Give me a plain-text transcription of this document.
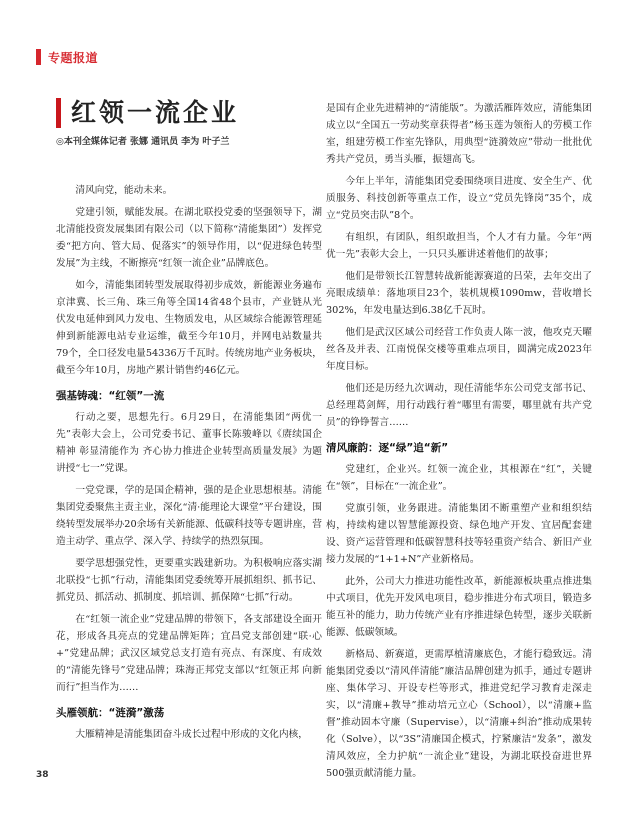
专题报道
红领一流企业
◎本刊全媒体记者 张娜 通讯员 李为 叶子兰

清风向党，能动未来。

党建引领，赋能发展。在湖北联投党委的坚强领导下，湖北清能投资发展集团有限公司（以下简称“清能集团”）发挥党委“把方向、管大局、促落实”的领导作用，以“促进绿色转型发展”为主线，不断擦亮“红领一流企业”品牌底色。

如今，清能集团转型发展取得初步成效，新能源业务遍布京津冀、长三角、珠三角等全国14省48个县市，产业链从光伏发电延伸到风力发电、生物质发电，从区域综合能源管理延伸到新能源电站专业运维，截至今年10月，并网电站数量共79个，全口径发电量54336万千瓦时。传统房地产业务板块，截至今年10月，房地产累计销售约46亿元。

强基铸魂：“红领”一流

行动之要，思想先行。6月29日，在清能集团“两优一先”表彰大会上，公司党委书记、董事长陈骏峰以《赓续国企精神 彰显清能作为 齐心协力推进企业转型高质量发展》为题讲授“七一”党课。

一党党课，学的是国企精神，强的是企业思想根基。清能集团党委聚焦主责主业，深化“清·能理论大课堂”平台建设，围绕转型发展举办20余场有关新能源、低碳科技等专题讲座，营造主动学、重点学、深入学、持续学的热烈氛围。

要学思想强党性，更要重实践建新功。为积极响应落实湖北联投“七抓”行动，清能集团党委统筹开展抓组织、抓书记、抓党员、抓活动、抓制度、抓培训、抓保障“七抓”行动。

在“红领一流企业”党建品牌的带领下，各支部建设全面开花，形成各具亮点的党建品牌矩阵；宜昌党支部创建“联·心+”党建品牌；武汉区域党总支打造有亮点、有深度、有成效的“清能先锋号”党建品牌；珠海正邦党支部以“红领正邦 向新而行”担当作为……

头雁领航：“涟漪”激荡

大雁精神是清能集团奋斗成长过程中形成的文化内核，

是国有企业先进精神的“清能版”。为激活雁阵效应，清能集团成立以“全国五一劳动奖章获得者”杨玉莲为领衔人的劳模工作室，组建劳模工作室先锋队，用典型“涟漪效应”带动一批批优秀共产党员，勇当头雁，振翅高飞。

今年上半年，清能集团党委围绕项目进度、安全生产、优质服务、科技创新等重点工作，设立“党员先锋岗”35个，成立“党员突击队”8个。

有组织，有团队，组织敢担当，个人才有力量。今年“两优一先”表彰大会上，一只只头雁讲述着他们的故事；

他们是带领长江智慧转战新能源赛道的吕荣，去年交出了亮眼成绩单：落地项目23个，装机规模1090mw，营收增长302%，年发电量达到6.38亿千瓦时。

他们是武汉区域公司经营工作负责人陈一波，他攻克天曜丝各及并表、江南悦保交楼等重难点项目，圆满完成2023年年度目标。

他们还是历经九次调动，现任清能华东公司党支部书记、总经理葛剑辉，用行动践行着“哪里有需要，哪里就有共产党员”的铮铮誓言……

清风廉韵：逐“绿”追“新”

党建红，企业兴。红领一流企业，其根源在“红”，关键在“领”，目标在“一流企业”。

党旗引领，业务跟进。清能集团不断重塑产业和组织结构，持续构建以智慧能源投资、绿色地产开发、宜居配套建设、资产运营管理和低碳智慧科技等轻重资产结合、新旧产业接力发展的“1+1+N”产业新格局。

此外，公司大力推进功能性改革，新能源板块重点推进集中式项目，优先开发风电项目，稳步推进分布式项目，锻造多能互补的能力，助力传统产业有序推进绿色转型，逐步关联新能源、低碳领域。

新格局、新赛道，更需厚植清廉底色，才能行稳致远。清能集团党委以“清风伴清能”廉洁品牌创建为抓手，通过专题讲座、集体学习、开设专栏等形式，推进党纪学习教育走深走实，以“清廉+教导”推动培元立心（School），以“清廉+监督”推动固本守廉（Supervise），以“清廉+纠治”推动成果转化（Solve），以“3S”清廉国企模式，拧紧廉洁“发条”，激发清风效应，全力护航“一流企业”建设，为湖北联投奋进世界500强贡献清能力量。

38
